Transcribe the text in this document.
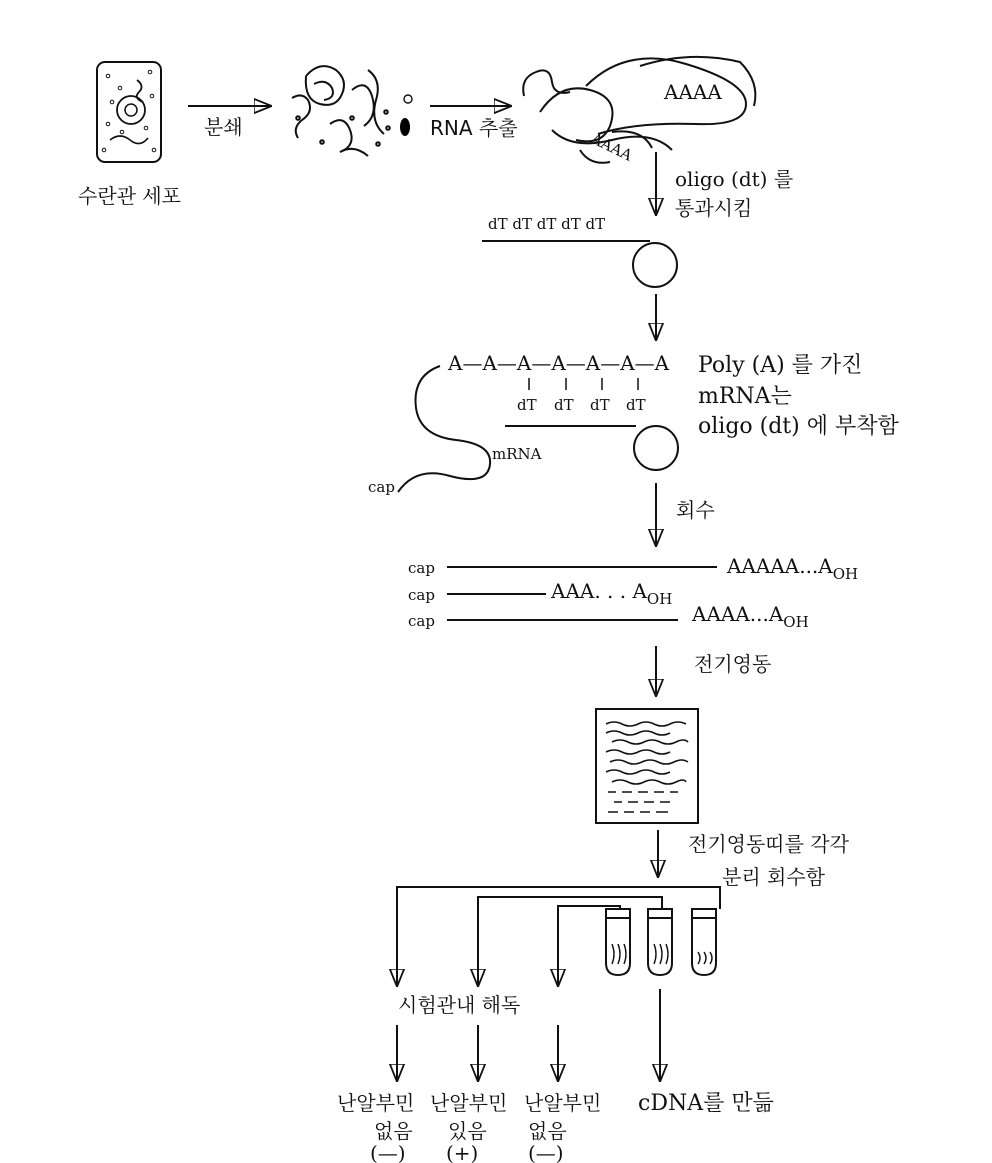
수란관 세포
분쇄	RNA 추출
AAAA
AAAA
oligo (dt) 를
통과시킴
dT dT dT dT dT
A—A—A—A—A—A—A
dT dT dT dT
mRNA
cap
Poly (A) 를 가진
mRNA는
oligo (dt) 에 부착함
회수
cap	$AAAAA...A_{OH}$
cap	AAA. . . $A_{OH}$
cap	$AAAA...A_{OH}$
전기영동
전기영동띠를 각각
분리 회수함
시험관내 해독
난알부민
없음
(—)
난알부민
있음
(+)
난알부민
없음
(—)
cDNA를 만듦
